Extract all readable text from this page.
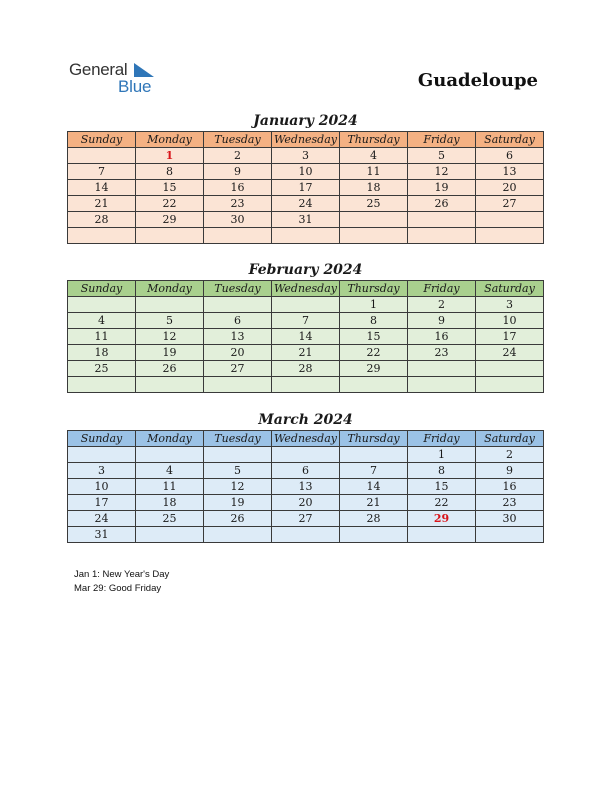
General
Blue	Guadeloupe
January 2024
Sunday	Monday	Tuesday	Wednesday	Thursday	Friday	Saturday
	1	2	3	4	5	6
7	8	9	10	11	12	13
14	15	16	17	18	19	20
21	22	23	24	25	26	27
28	29	30	31			

February 2024
Sunday	Monday	Tuesday	Wednesday	Thursday	Friday	Saturday
				1	2	3
4	5	6	7	8	9	10
11	12	13	14	15	16	17
18	19	20	21	22	23	24
25	26	27	28	29		

March 2024
Sunday	Monday	Tuesday	Wednesday	Thursday	Friday	Saturday
					1	2
3	4	5	6	7	8	9
10	11	12	13	14	15	16
17	18	19	20	21	22	23
24	25	26	27	28	29	30
31						
Jan 1: New Year's Day
Mar 29: Good Friday
